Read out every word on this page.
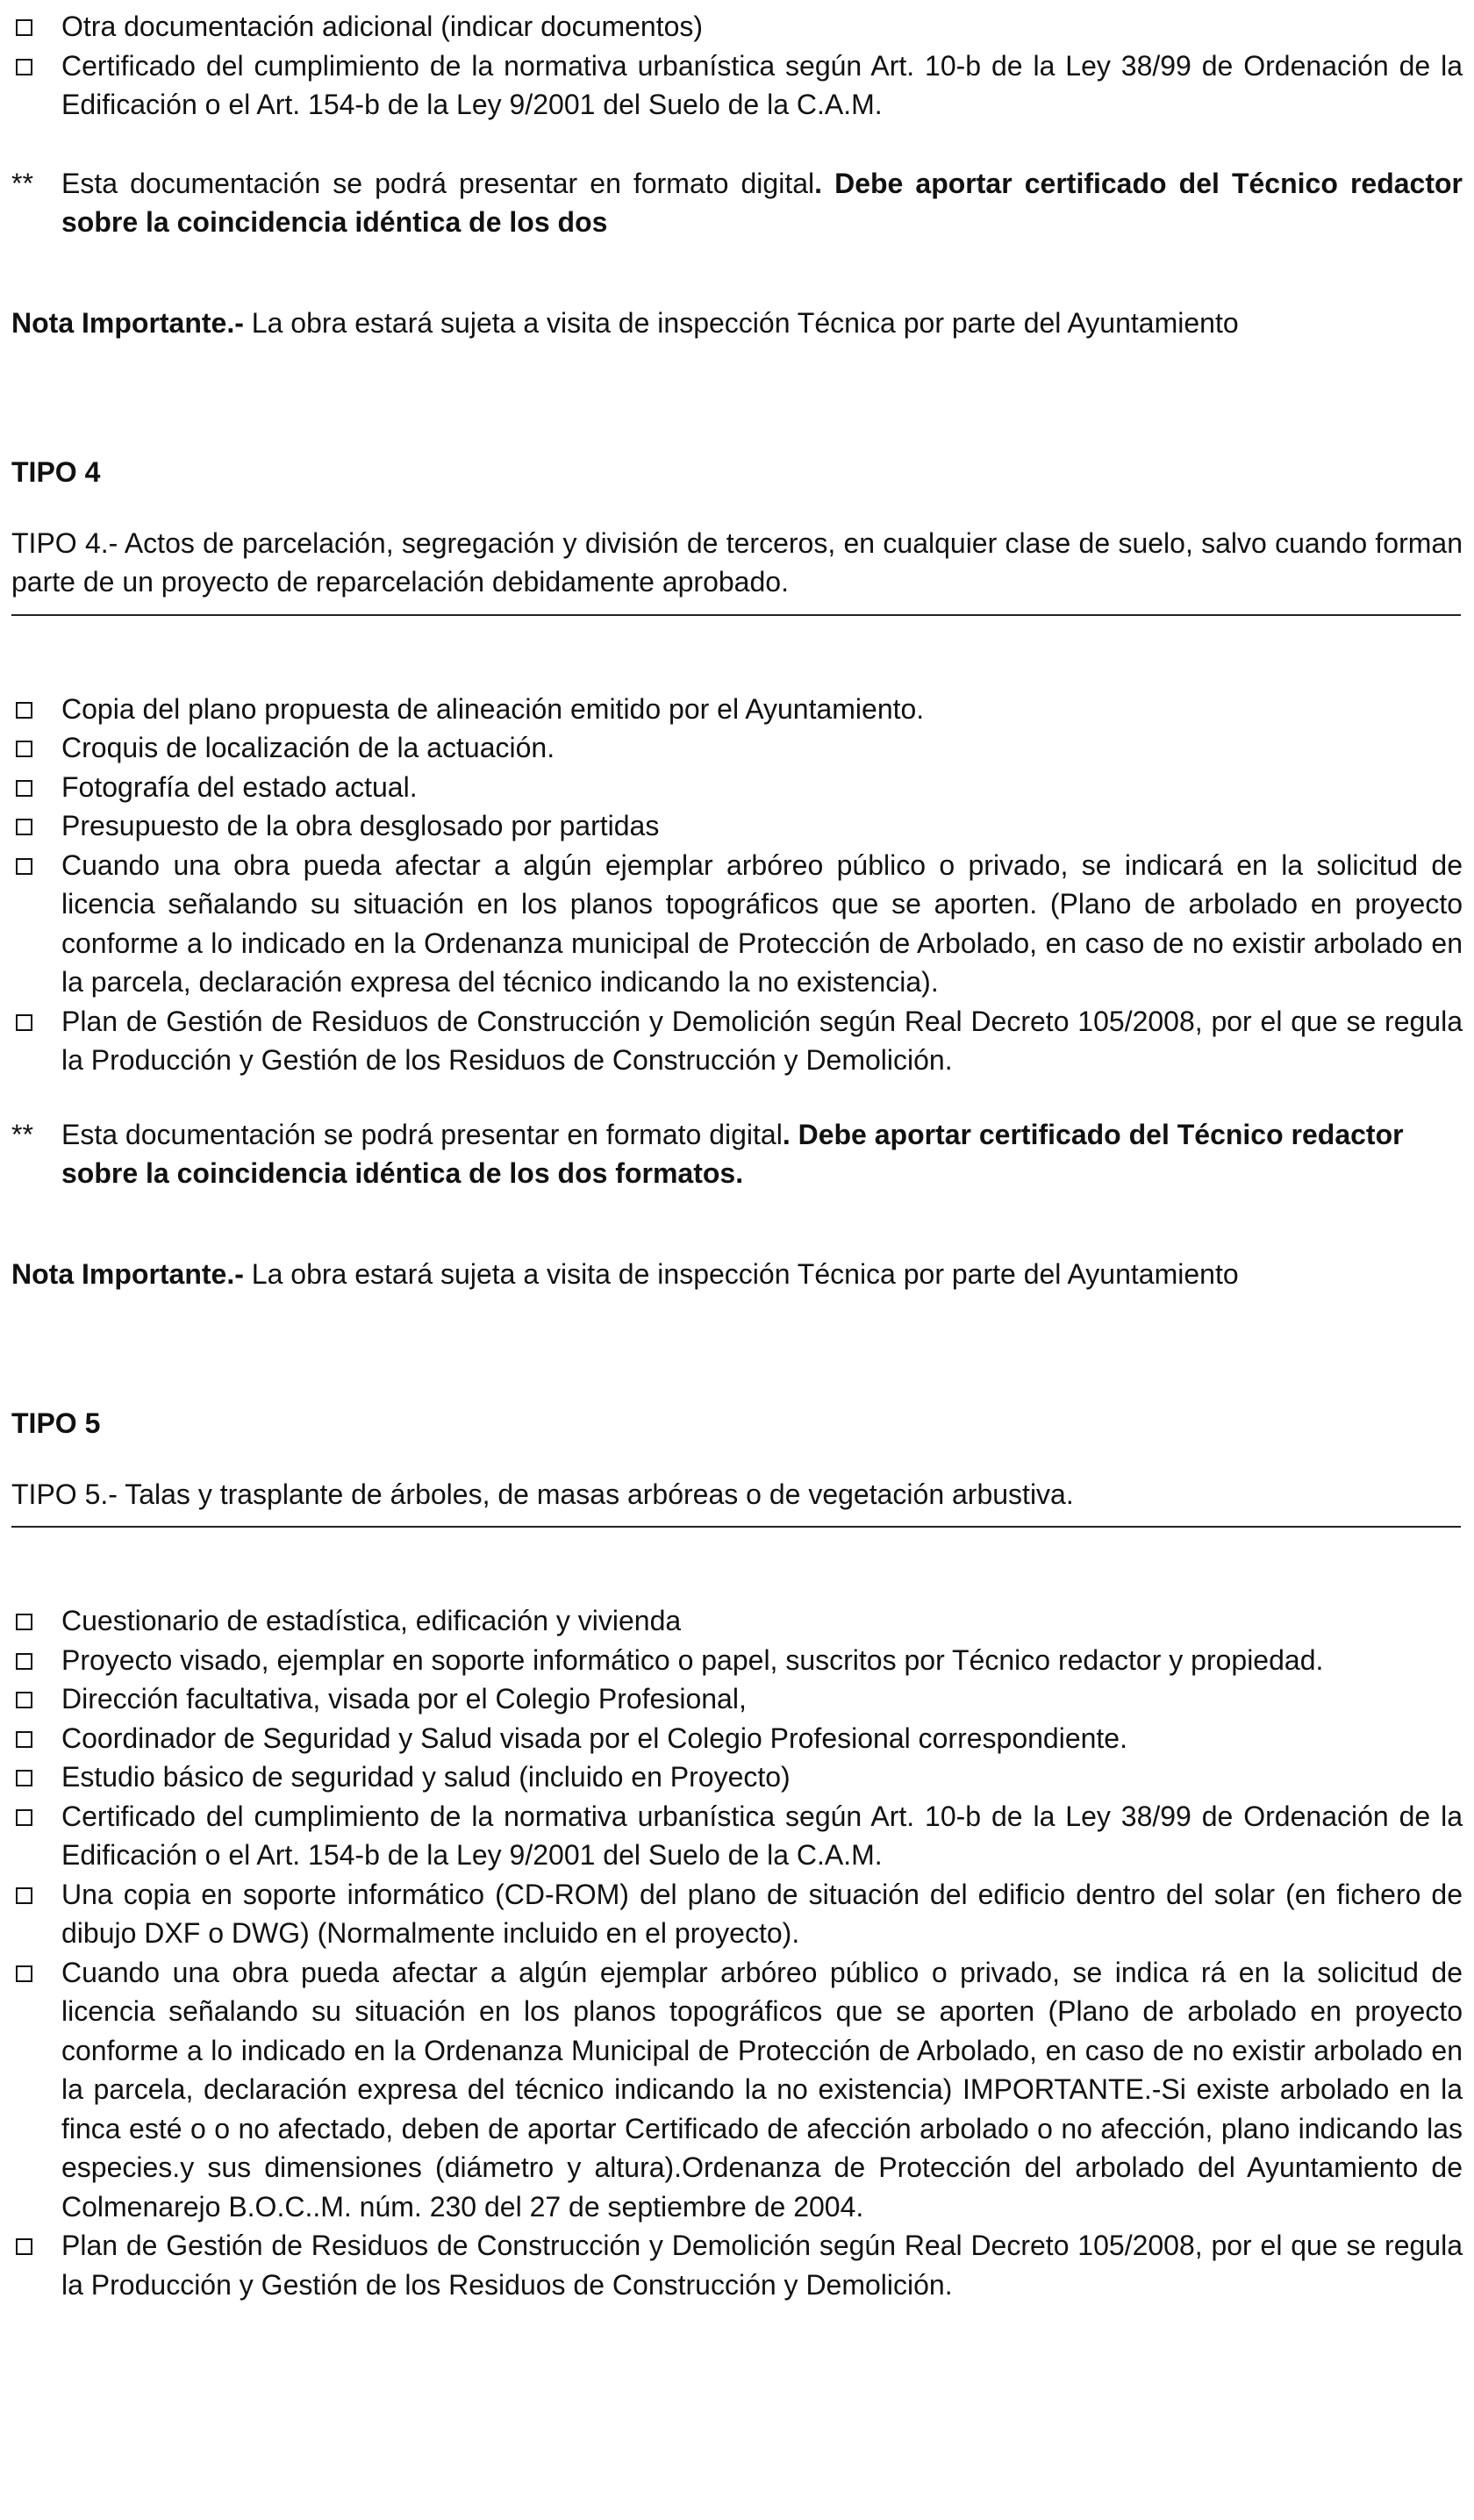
Otra documentación adicional (indicar documentos)
Certificado del cumplimiento de la normativa urbanística según Art. 10-b de la Ley 38/99 de Ordenación de la Edificación o el Art. 154-b de la Ley 9/2001 del Suelo de la C.A.M.
** Esta documentación se podrá presentar en formato digital. Debe aportar certificado del Técnico redactor sobre la coincidencia idéntica de los dos

Nota Importante.- La obra estará sujeta a visita de inspección Técnica por parte del Ayuntamiento

TIPO 4

TIPO 4.- Actos de parcelación, segregación y división de terceros, en cualquier clase de suelo, salvo cuando forman parte de un proyecto de reparcelación debidamente aprobado.

Copia del plano propuesta de alineación emitido por el Ayuntamiento.
Croquis de localización de la actuación.
Fotografía del estado actual.
Presupuesto de la obra desglosado por partidas
Cuando una obra pueda afectar a algún ejemplar arbóreo público o privado, se indicará en la solicitud de licencia señalando su situación en los planos topográficos que se aporten. (Plano de arbolado en proyecto conforme a lo indicado en la Ordenanza municipal de Protección de Arbolado, en caso de no existir arbolado en la parcela, declaración expresa del técnico indicando la no existencia).
Plan de Gestión de Residuos de Construcción y Demolición según Real Decreto 105/2008, por el que se regula la Producción y Gestión de los Residuos de Construcción y Demolición.
** Esta documentación se podrá presentar en formato digital. Debe aportar certificado del Técnico redactor sobre la coincidencia idéntica de los dos formatos.

Nota Importante.- La obra estará sujeta a visita de inspección Técnica por parte del Ayuntamiento

TIPO 5

TIPO 5.- Talas y trasplante de árboles, de masas arbóreas o de vegetación arbustiva.

Cuestionario de estadística, edificación y vivienda
Proyecto visado, ejemplar en soporte informático o papel, suscritos por Técnico redactor y propiedad.
Dirección facultativa, visada por el Colegio Profesional,
Coordinador de Seguridad y Salud visada por el Colegio Profesional correspondiente.
Estudio básico de seguridad y salud (incluido en Proyecto)
Certificado del cumplimiento de la normativa urbanística según Art. 10-b de la Ley 38/99 de Ordenación de la Edificación o el Art. 154-b de la Ley 9/2001 del Suelo de la C.A.M.
Una copia en soporte informático (CD-ROM) del plano de situación del edificio dentro del solar (en fichero de dibujo DXF o DWG) (Normalmente incluido en el proyecto).
Cuando una obra pueda afectar a algún ejemplar arbóreo público o privado, se indica rá en la solicitud de licencia señalando su situación en los planos topográficos que se aporten (Plano de arbolado en proyecto conforme a lo indicado en la Ordenanza Municipal de Protección de Arbolado, en caso de no existir arbolado en la parcela, declaración expresa del técnico indicando la no existencia) IMPORTANTE.-Si existe arbolado en la finca esté o o no afectado, deben de aportar Certificado de afección arbolado o no afección, plano indicando las especies.y sus dimensiones (diámetro y altura).Ordenanza de Protección del arbolado del Ayuntamiento de Colmenarejo B.O.C..M. núm. 230 del 27 de septiembre de 2004.
Plan de Gestión de Residuos de Construcción y Demolición según Real Decreto 105/2008, por el que se regula la Producción y Gestión de los Residuos de Construcción y Demolición.
